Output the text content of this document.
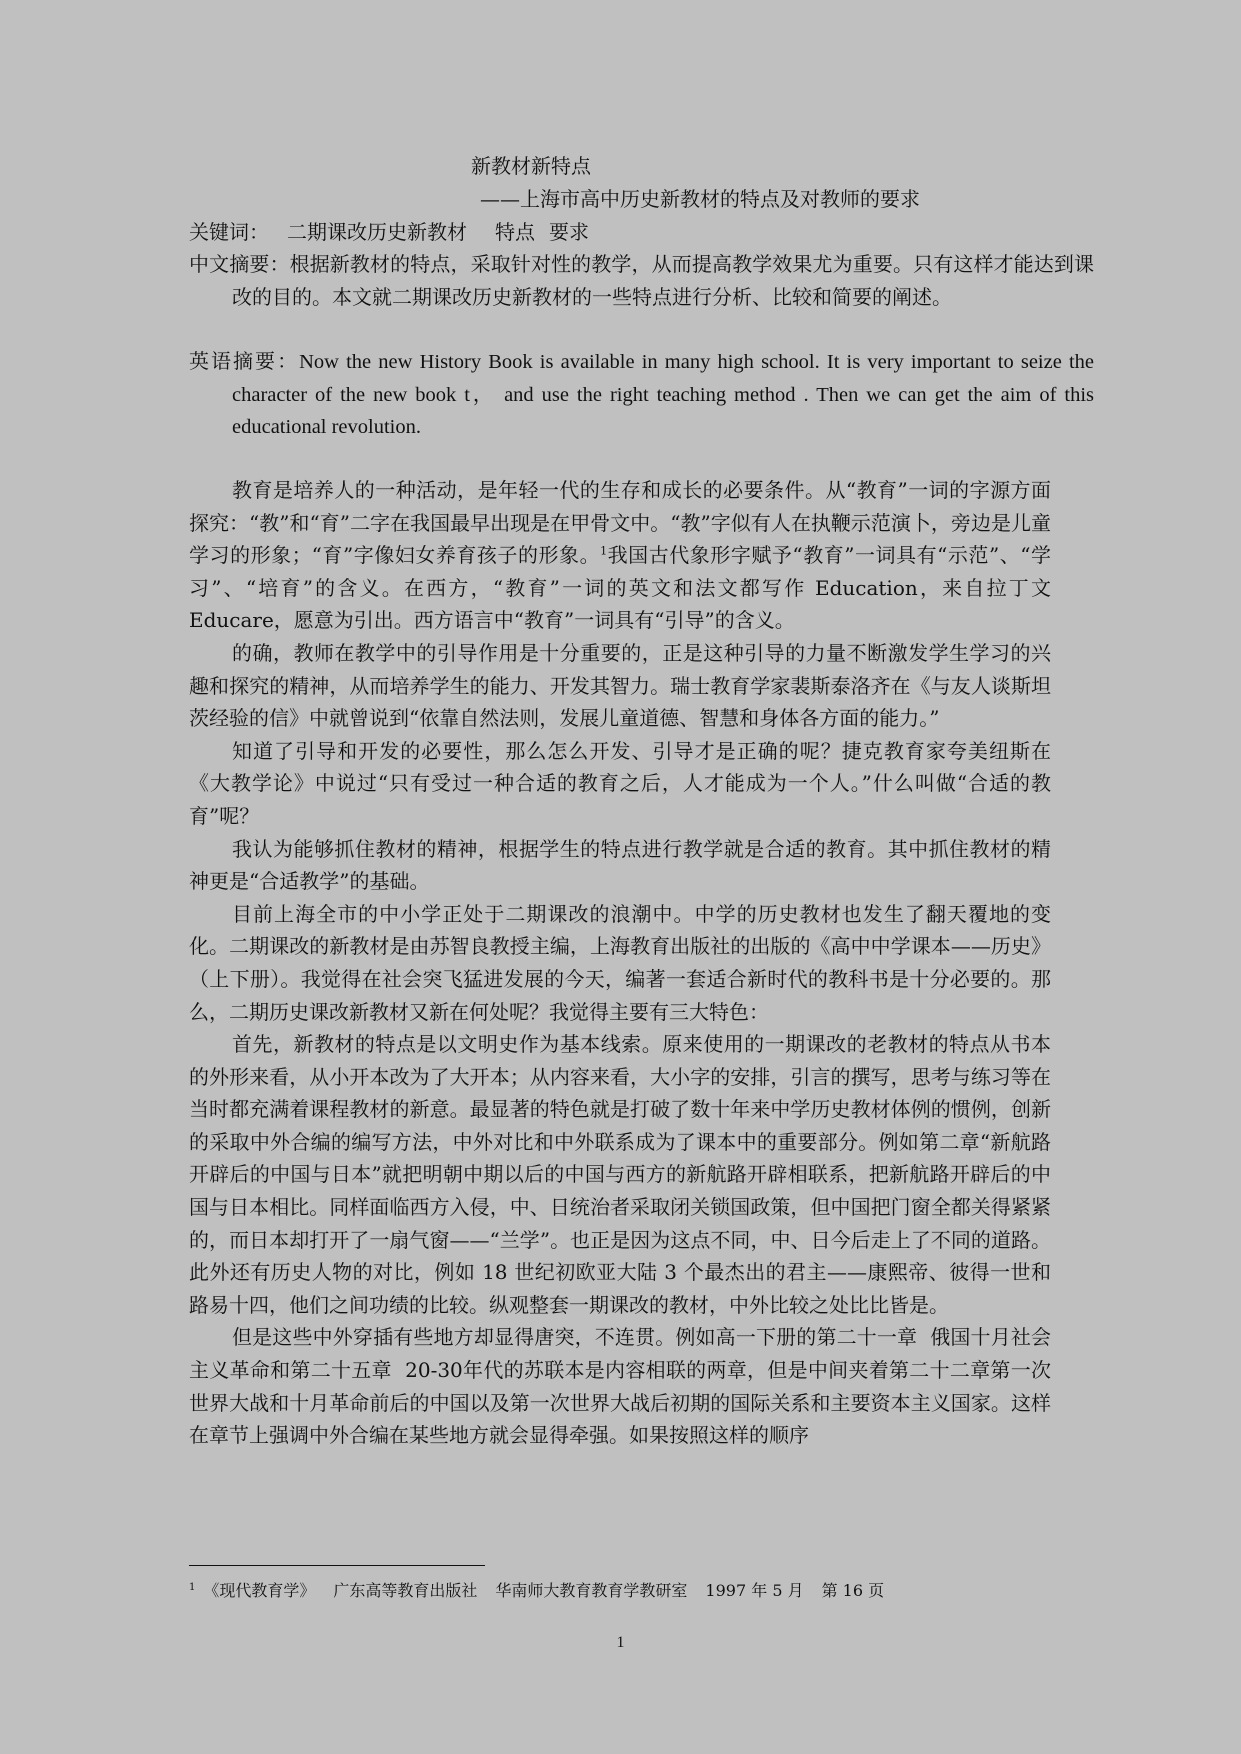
新教材新特点
——上海市高中历史新教材的特点及对教师的要求
关键词： 二期课改历史新教材 特点 要求
中文摘要：根据新教材的特点，采取针对性的教学，从而提高教学效果尤为重要。只有这样才能达到课改的目的。本文就二期课改历史新教材的一些特点进行分析、比较和简要的阐述。
英语摘要：Now the new History Book is available in many high school. It is very important to seize the character of the new book t， and use the right teaching method . Then we can get the aim of this    educational revolution.

教育是培养人的一种活动，是年轻一代的生存和成长的必要条件。从“教育”一词的字源方面探究：“教”和“育”二字在我国最早出现是在甲骨文中。“教”字似有人在执鞭示范演卜，旁边是儿童学习的形象；“育”字像妇女养育孩子的形象。$^1$我国古代象形字赋予“教育”一词具有“示范”、“学习”、“培育”的含义。在西方，“教育”一词的英文和法文都写作 Education，来自拉丁文 Educare，愿意为引出。西方语言中“教育”一词具有“引导”的含义。

的确，教师在教学中的引导作用是十分重要的，正是这种引导的力量不断激发学生学习的兴趣和探究的精神，从而培养学生的能力、开发其智力。瑞士教育学家裴斯泰洛齐在《与友人谈斯坦茨经验的信》中就曾说到“依靠自然法则，发展儿童道德、智慧和身体各方面的能力。”

知道了引导和开发的必要性，那么怎么开发、引导才是正确的呢？捷克教育家夸美纽斯在《大教学论》中说过“只有受过一种合适的教育之后，人才能成为一个人。”什么叫做“合适的教育”呢？

我认为能够抓住教材的精神，根据学生的特点进行教学就是合适的教育。其中抓住教材的精神更是“合适教学”的基础。

目前上海全市的中小学正处于二期课改的浪潮中。中学的历史教材也发生了翻天覆地的变化。二期课改的新教材是由苏智良教授主编，上海教育出版社的出版的《高中中学课本——历史》（上下册）。我觉得在社会突飞猛进发展的今天，编著一套适合新时代的教科书是十分必要的。那么，二期历史课改新教材又新在何处呢？我觉得主要有三大特色：

首先，新教材的特点是以文明史作为基本线索。原来使用的一期课改的老教材的特点从书本的外形来看，从小开本改为了大开本；从内容来看，大小字的安排，引言的撰写，思考与练习等在当时都充满着课程教材的新意。最显著的特色就是打破了数十年来中学历史教材体例的惯例，创新的采取中外合编的编写方法，中外对比和中外联系成为了课本中的重要部分。例如第二章“新航路开辟后的中国与日本”就把明朝中期以后的中国与西方的新航路开辟相联系，把新航路开辟后的中国与日本相比。同样面临西方入侵，中、日统治者采取闭关锁国政策，但中国把门窗全都关得紧紧的，而日本却打开了一扇气窗——“兰学”。也正是因为这点不同，中、日今后走上了不同的道路。此外还有历史人物的对比，例如 18 世纪初欧亚大陆 3 个最杰出的君主——康熙帝、彼得一世和路易十四，他们之间功绩的比较。纵观整套一期课改的教材，中外比较之处比比皆是。

但是这些中外穿插有些地方却显得唐突，不连贯。例如高一下册的第二十一章  俄国十月社会主义革命和第二十五章  20-30年代的苏联本是内容相联的两章，但是中间夹着第二十二章第一次世界大战和十月革命前后的中国以及第一次世界大战后初期的国际关系和主要资本主义国家。这样在章节上强调中外合编在某些地方就会显得牵强。如果按照这样的顺序

$^1$ 《现代教育学》 广东高等教育出版社 华南师大教育教育学教研室 1997 年 5 月 第 16 页
1
